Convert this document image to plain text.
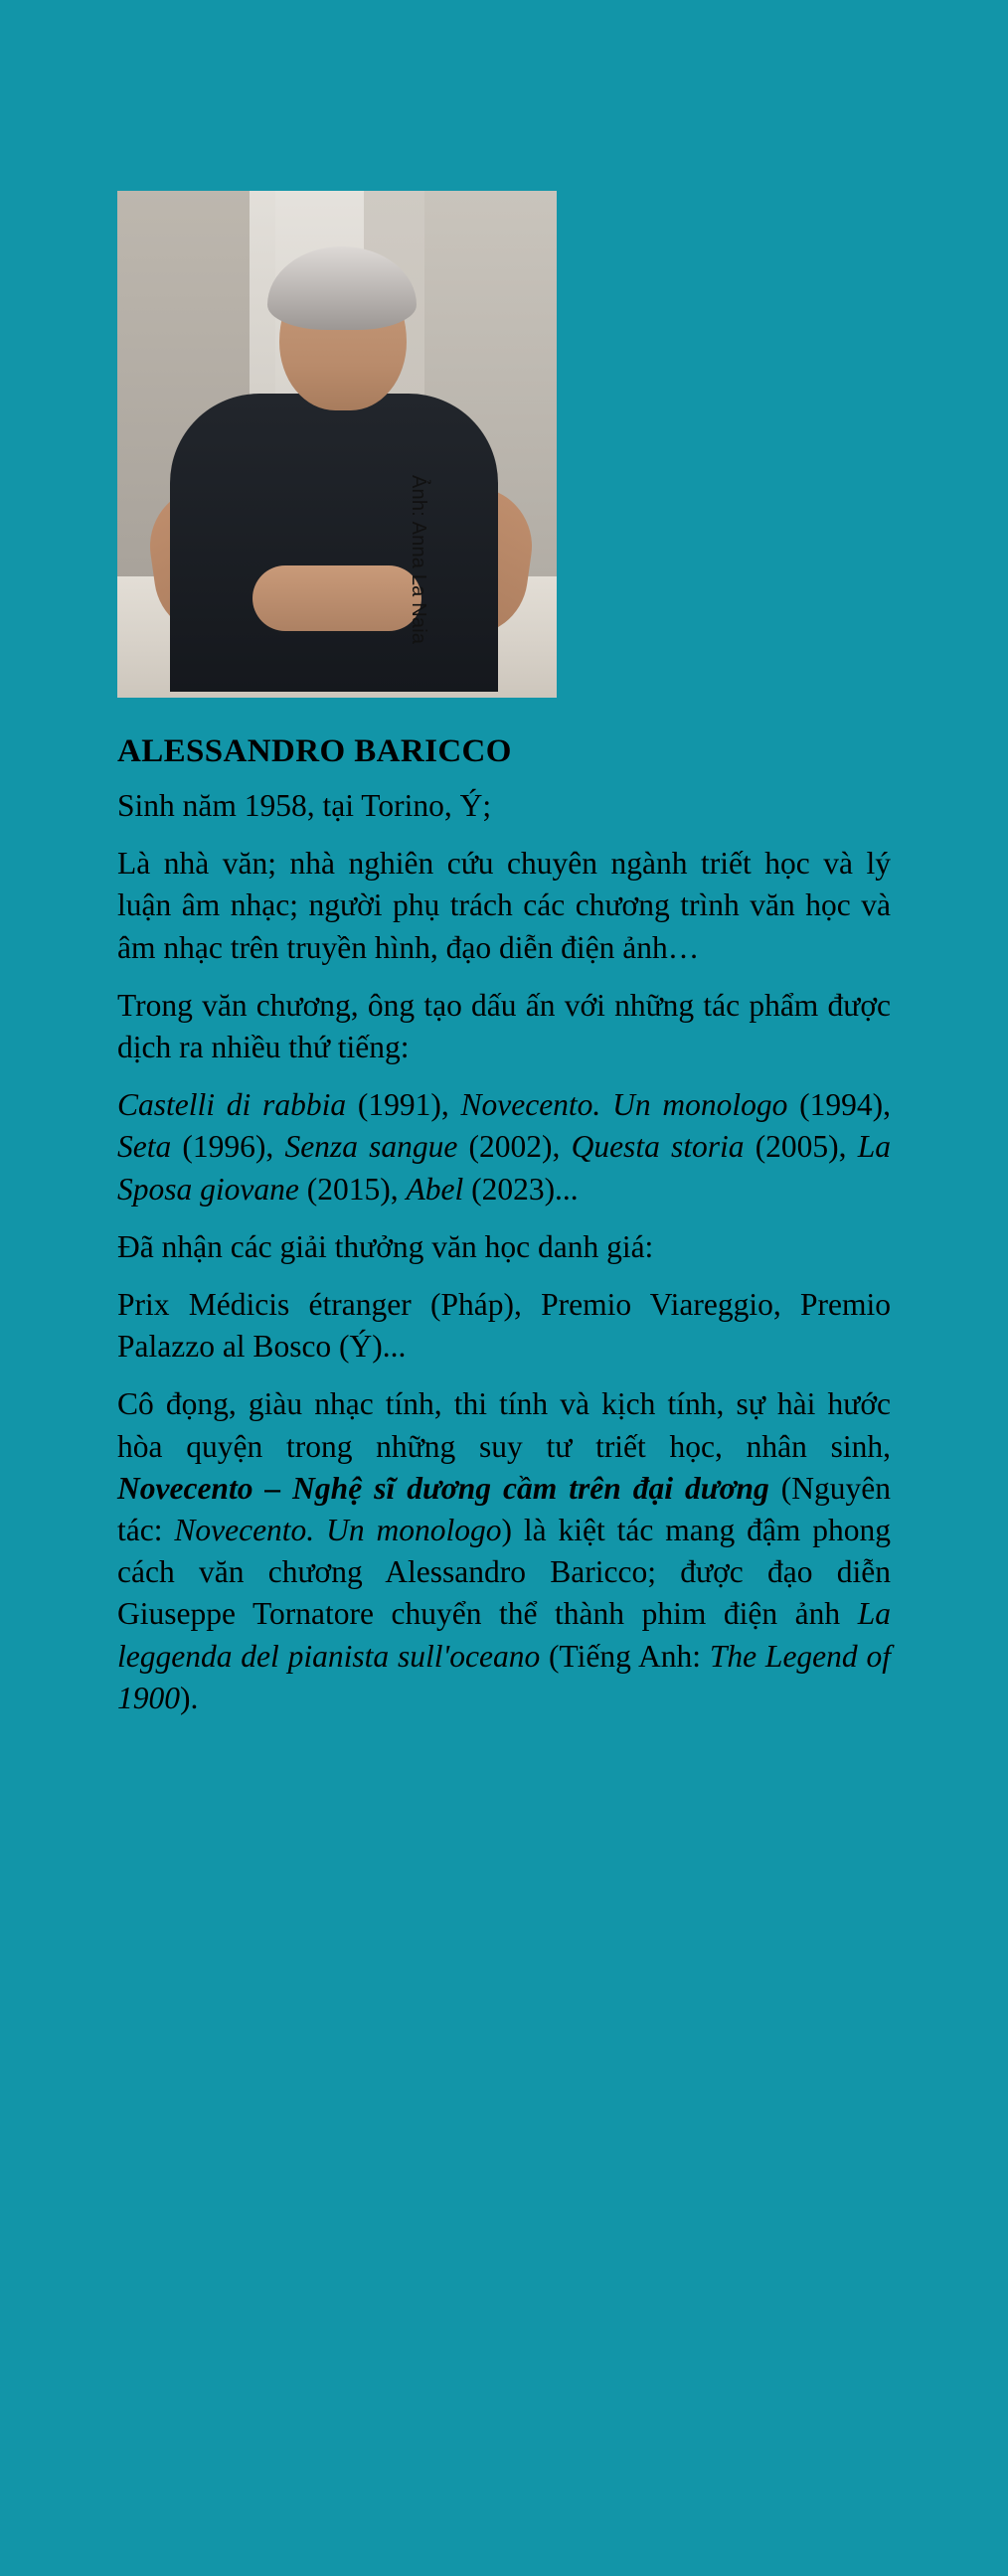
Ảnh: Anna La Naia
ALESSANDRO BARICCO

Sinh năm 1958, tại Torino, Ý;

Là nhà văn; nhà nghiên cứu chuyên ngành triết học và lý luận âm nhạc; người phụ trách các chương trình văn học và âm nhạc trên truyền hình, đạo diễn điện ảnh…

Trong văn chương, ông tạo dấu ấn với những tác phẩm được dịch ra nhiều thứ tiếng:

Castelli di rabbia (1991), Novecento. Un monologo (1994), Seta (1996), Senza sangue (2002), Questa storia (2005), La Sposa giovane (2015), Abel (2023)...

Đã nhận các giải thưởng văn học danh giá:

Prix Médicis étranger (Pháp), Premio Viareggio, Premio Palazzo al Bosco (Ý)...

Cô đọng, giàu nhạc tính, thi tính và kịch tính, sự hài hước hòa quyện trong những suy tư triết học, nhân sinh, Novecento – Nghệ sĩ dương cầm trên đại dương (Nguyên tác: Novecento. Un monologo) là kiệt tác mang đậm phong cách văn chương Alessandro Baricco; được đạo diễn Giuseppe Tornatore chuyển thể thành phim điện ảnh La leggenda del pianista sull'oceano (Tiếng Anh: The Legend of 1900).
